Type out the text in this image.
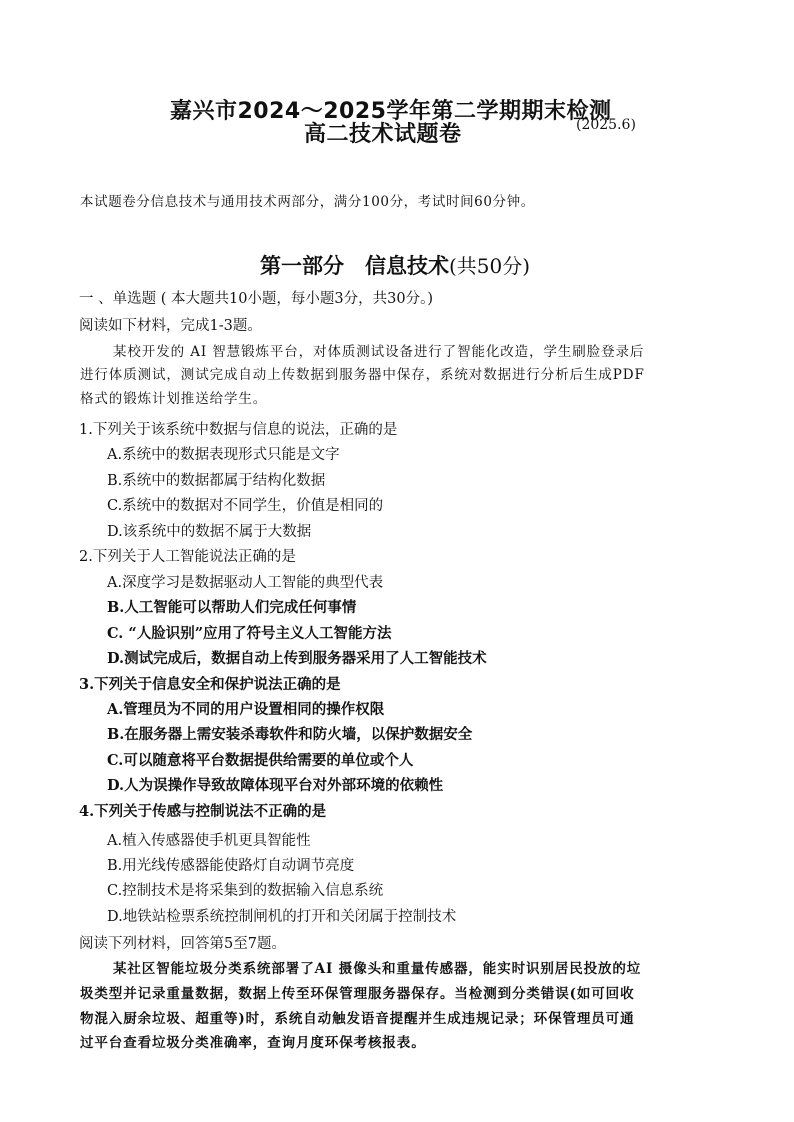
嘉兴市2024～2025学年第二学期期末检测
高二技术试题卷	(2025.6)
本试题卷分信息技术与通用技术两部分，满分100分，考试时间60分钟。
第一部分　信息技术(共50分)
一 、单选题 ( 本大题共10小题，每小题3分，共30分。)
阅读如下材料，完成1-3题。
某校开发的 AI 智慧锻炼平台，对体质测试设备进行了智能化改造，学生刷脸登录后
进行体质测试，测试完成自动上传数据到服务器中保存，系统对数据进行分析后生成PDF
格式的锻炼计划推送给学生。
1.下列关于该系统中数据与信息的说法，正确的是
A.系统中的数据表现形式只能是文字
B.系统中的数据都属于结构化数据
C.系统中的数据对不同学生，价值是相同的
D.该系统中的数据不属于大数据
2.下列关于人工智能说法正确的是
A.深度学习是数据驱动人工智能的典型代表
B.人工智能可以帮助人们完成任何事情
C. “人脸识别”应用了符号主义人工智能方法
D.测试完成后，数据自动上传到服务器采用了人工智能技术
3.下列关于信息安全和保护说法正确的是
A.管理员为不同的用户设置相同的操作权限
B.在服务器上需安装杀毒软件和防火墙，以保护数据安全
C.可以随意将平台数据提供给需要的单位或个人
D.人为误操作导致故障体现平台对外部环境的依赖性
4.下列关于传感与控制说法不正确的是
A.植入传感器使手机更具智能性
B.用光线传感器能使路灯自动调节亮度
C.控制技术是将采集到的数据输入信息系统
D.地铁站检票系统控制闸机的打开和关闭属于控制技术
阅读下列材料，回答第5至7题。
某社区智能垃圾分类系统部署了AI 摄像头和重量传感器，能实时识别居民投放的垃
圾类型并记录重量数据，数据上传至环保管理服务器保存。当检测到分类错误(如可回收
物混入厨余垃圾、超重等)时，系统自动触发语音提醒并生成违规记录；环保管理员可通
过平台查看垃圾分类准确率，查询月度环保考核报表。
